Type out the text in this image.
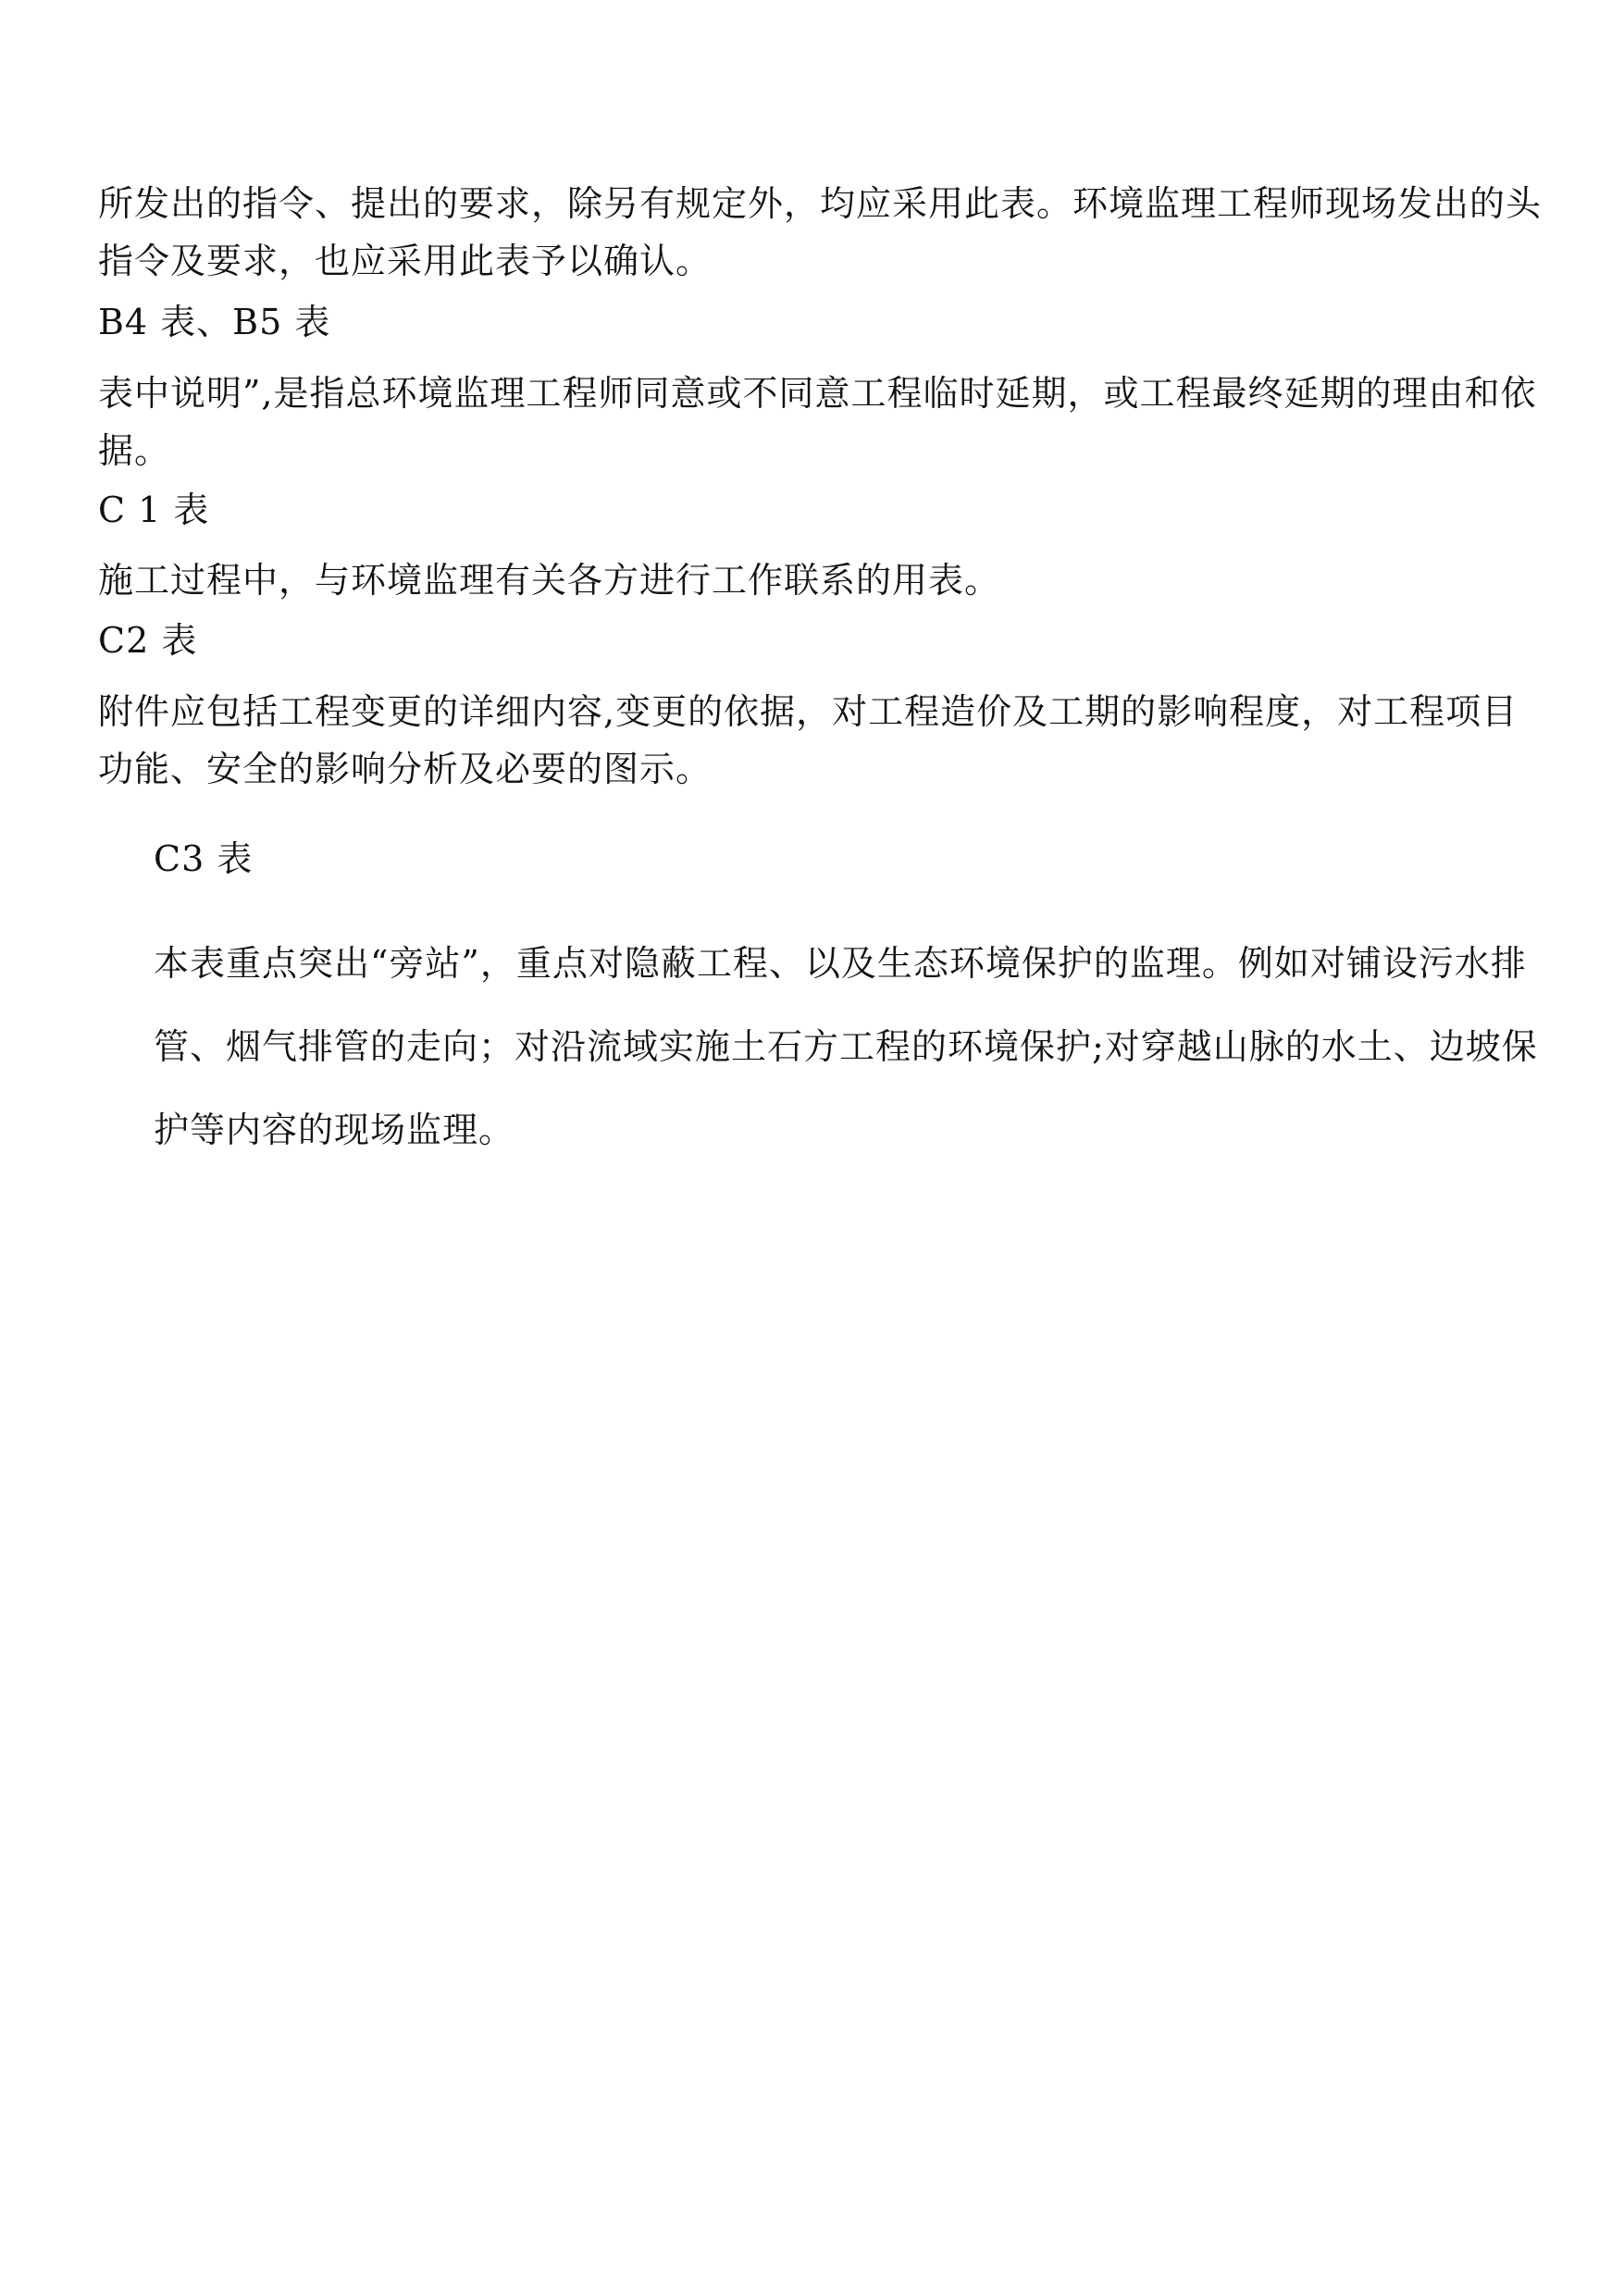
所发出的指令、提出的要求，除另有规定外，均应采用此表。环境监理工程师现场发出的头指令及要求，也应采用此表予以确认。

B4 表、B5 表

表中说明”,是指总环境监理工程师同意或不同意工程临时延期，或工程最终延期的理由和依据。

C 1 表

施工过程中，与环境监理有关各方进行工作联系的用表。

C2 表

附件应包括工程变更的详细内容,变更的依据，对工程造价及工期的影响程度，对工程项目功能、安全的影响分析及必要的图示。

C3 表

本表重点突出“旁站”，重点对隐蔽工程、以及生态环境保护的监理。例如对铺设污水排管、烟气排管的走向；对沿流域实施土石方工程的环境保护;对穿越山脉的水土、边坡保护等内容的现场监理。
